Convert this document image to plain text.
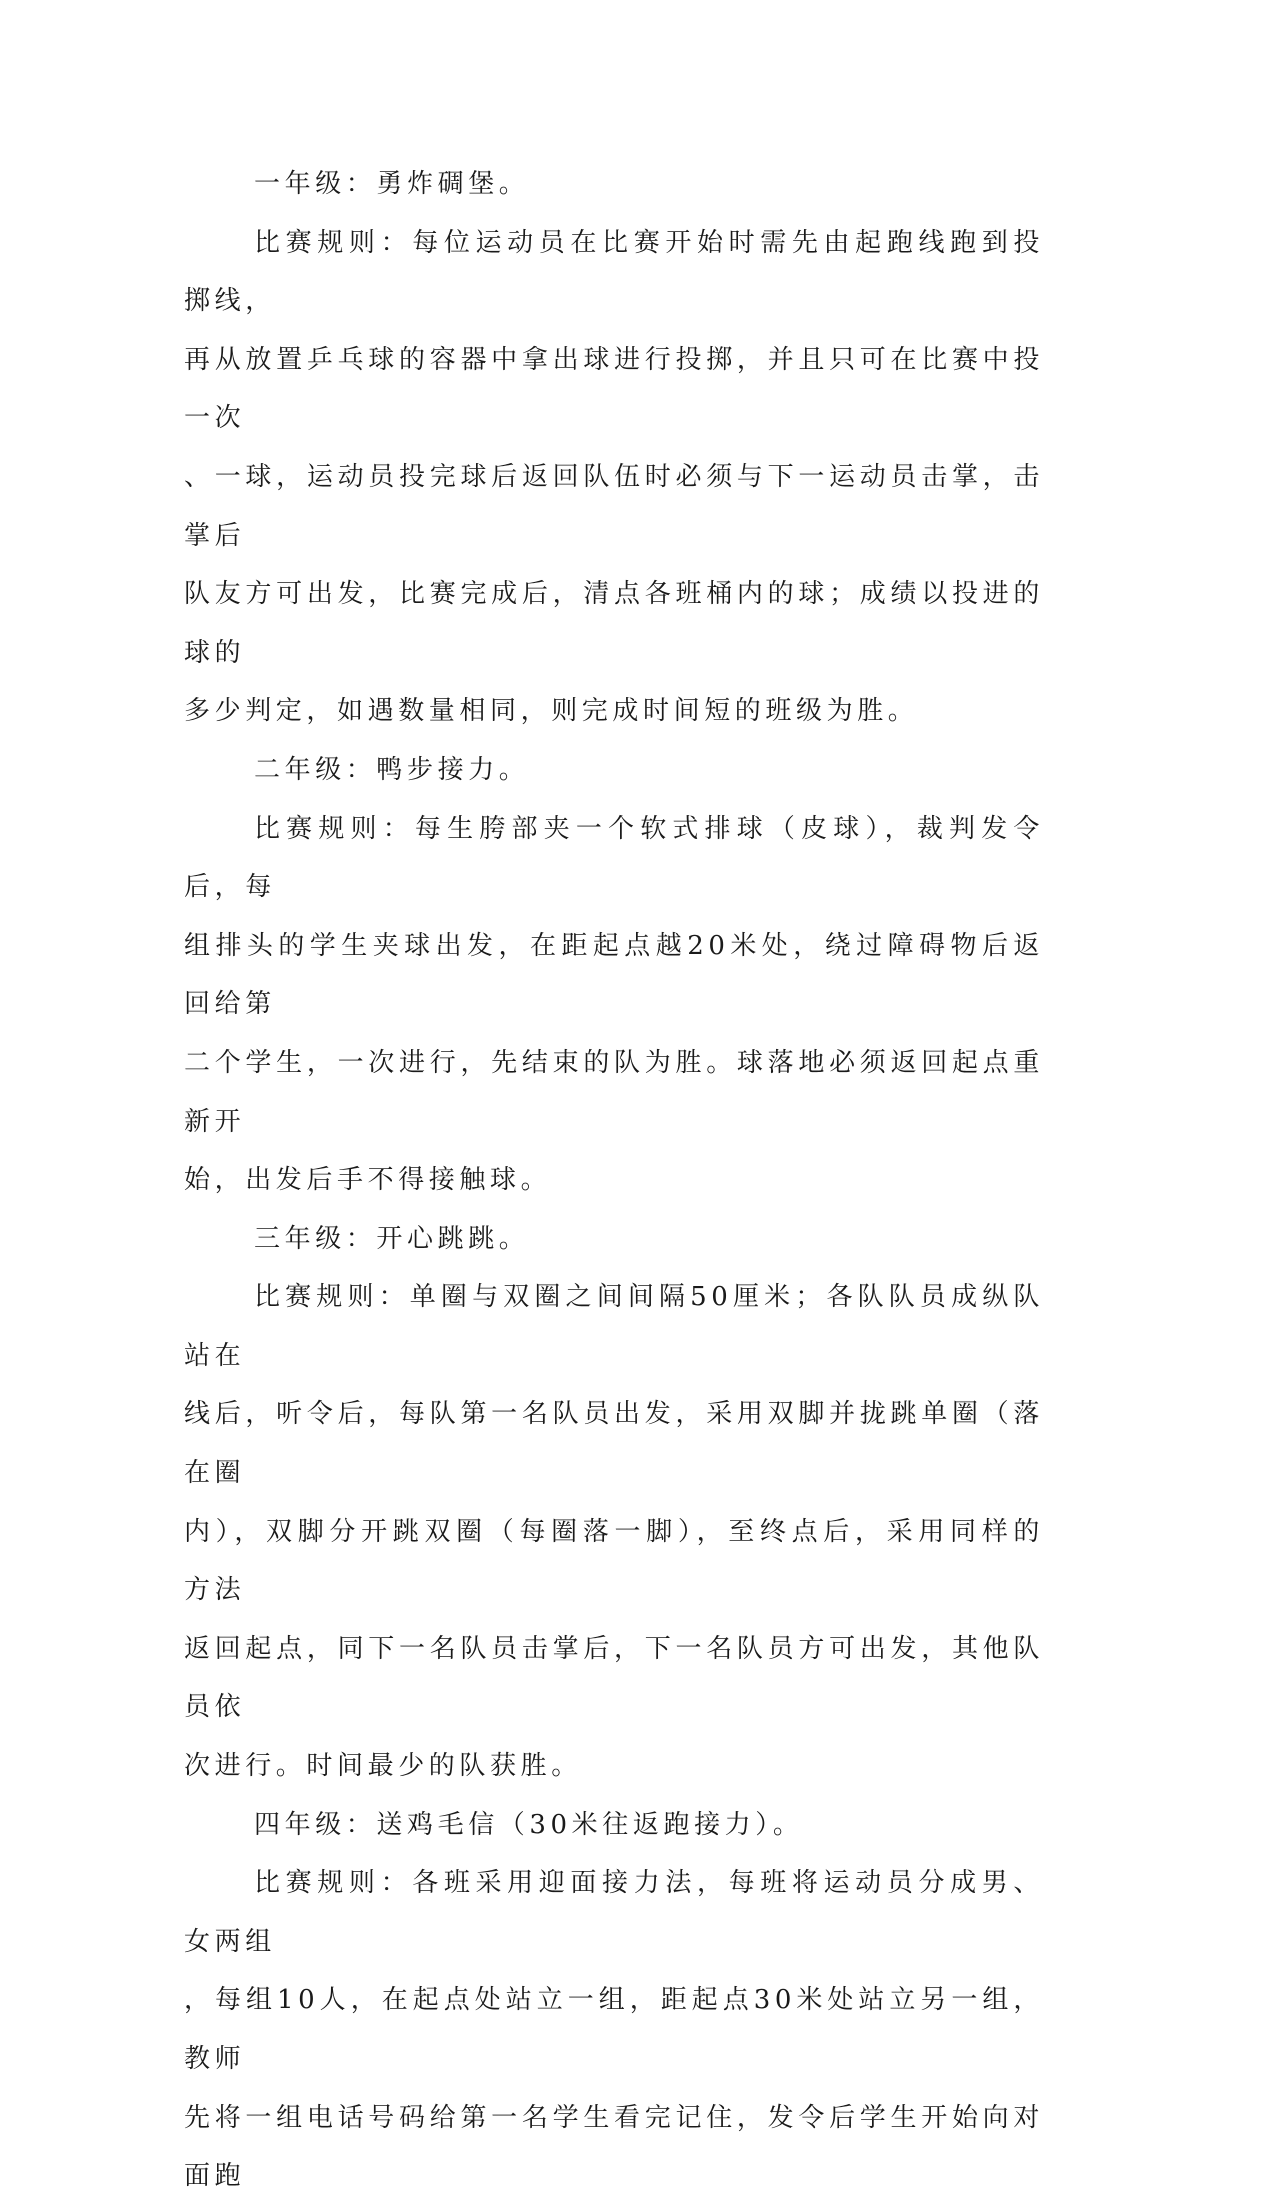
一年级：勇炸碉堡。

比赛规则：每位运动员在比赛开始时需先由起跑线跑到投掷线，
再从放置乒乓球的容器中拿出球进行投掷，并且只可在比赛中投一次
、一球，运动员投完球后返回队伍时必须与下一运动员击掌，击掌后
队友方可出发，比赛完成后，清点各班桶内的球；成绩以投进的球的
多少判定，如遇数量相同，则完成时间短的班级为胜。

二年级：鸭步接力。

比赛规则：每生胯部夹一个软式排球（皮球），裁判发令后，每
组排头的学生夹球出发，在距起点越20米处，绕过障碍物后返回给第
二个学生，一次进行，先结束的队为胜。球落地必须返回起点重新开
始，出发后手不得接触球。

三年级：开心跳跳。

比赛规则：单圈与双圈之间间隔50厘米；各队队员成纵队站在
线后，听令后，每队第一名队员出发，采用双脚并拢跳单圈（落在圈
内），双脚分开跳双圈（每圈落一脚），至终点后，采用同样的方法
返回起点，同下一名队员击掌后，下一名队员方可出发，其他队员依
次进行。时间最少的队获胜。

四年级：送鸡毛信（30米往返跑接力）。

比赛规则：各班采用迎面接力法，每班将运动员分成男、女两组
，每组10人，在起点处站立一组，距起点30米处站立另一组，教师
先将一组电话号码给第一名学生看完记住，发令后学生开始向对面跑
